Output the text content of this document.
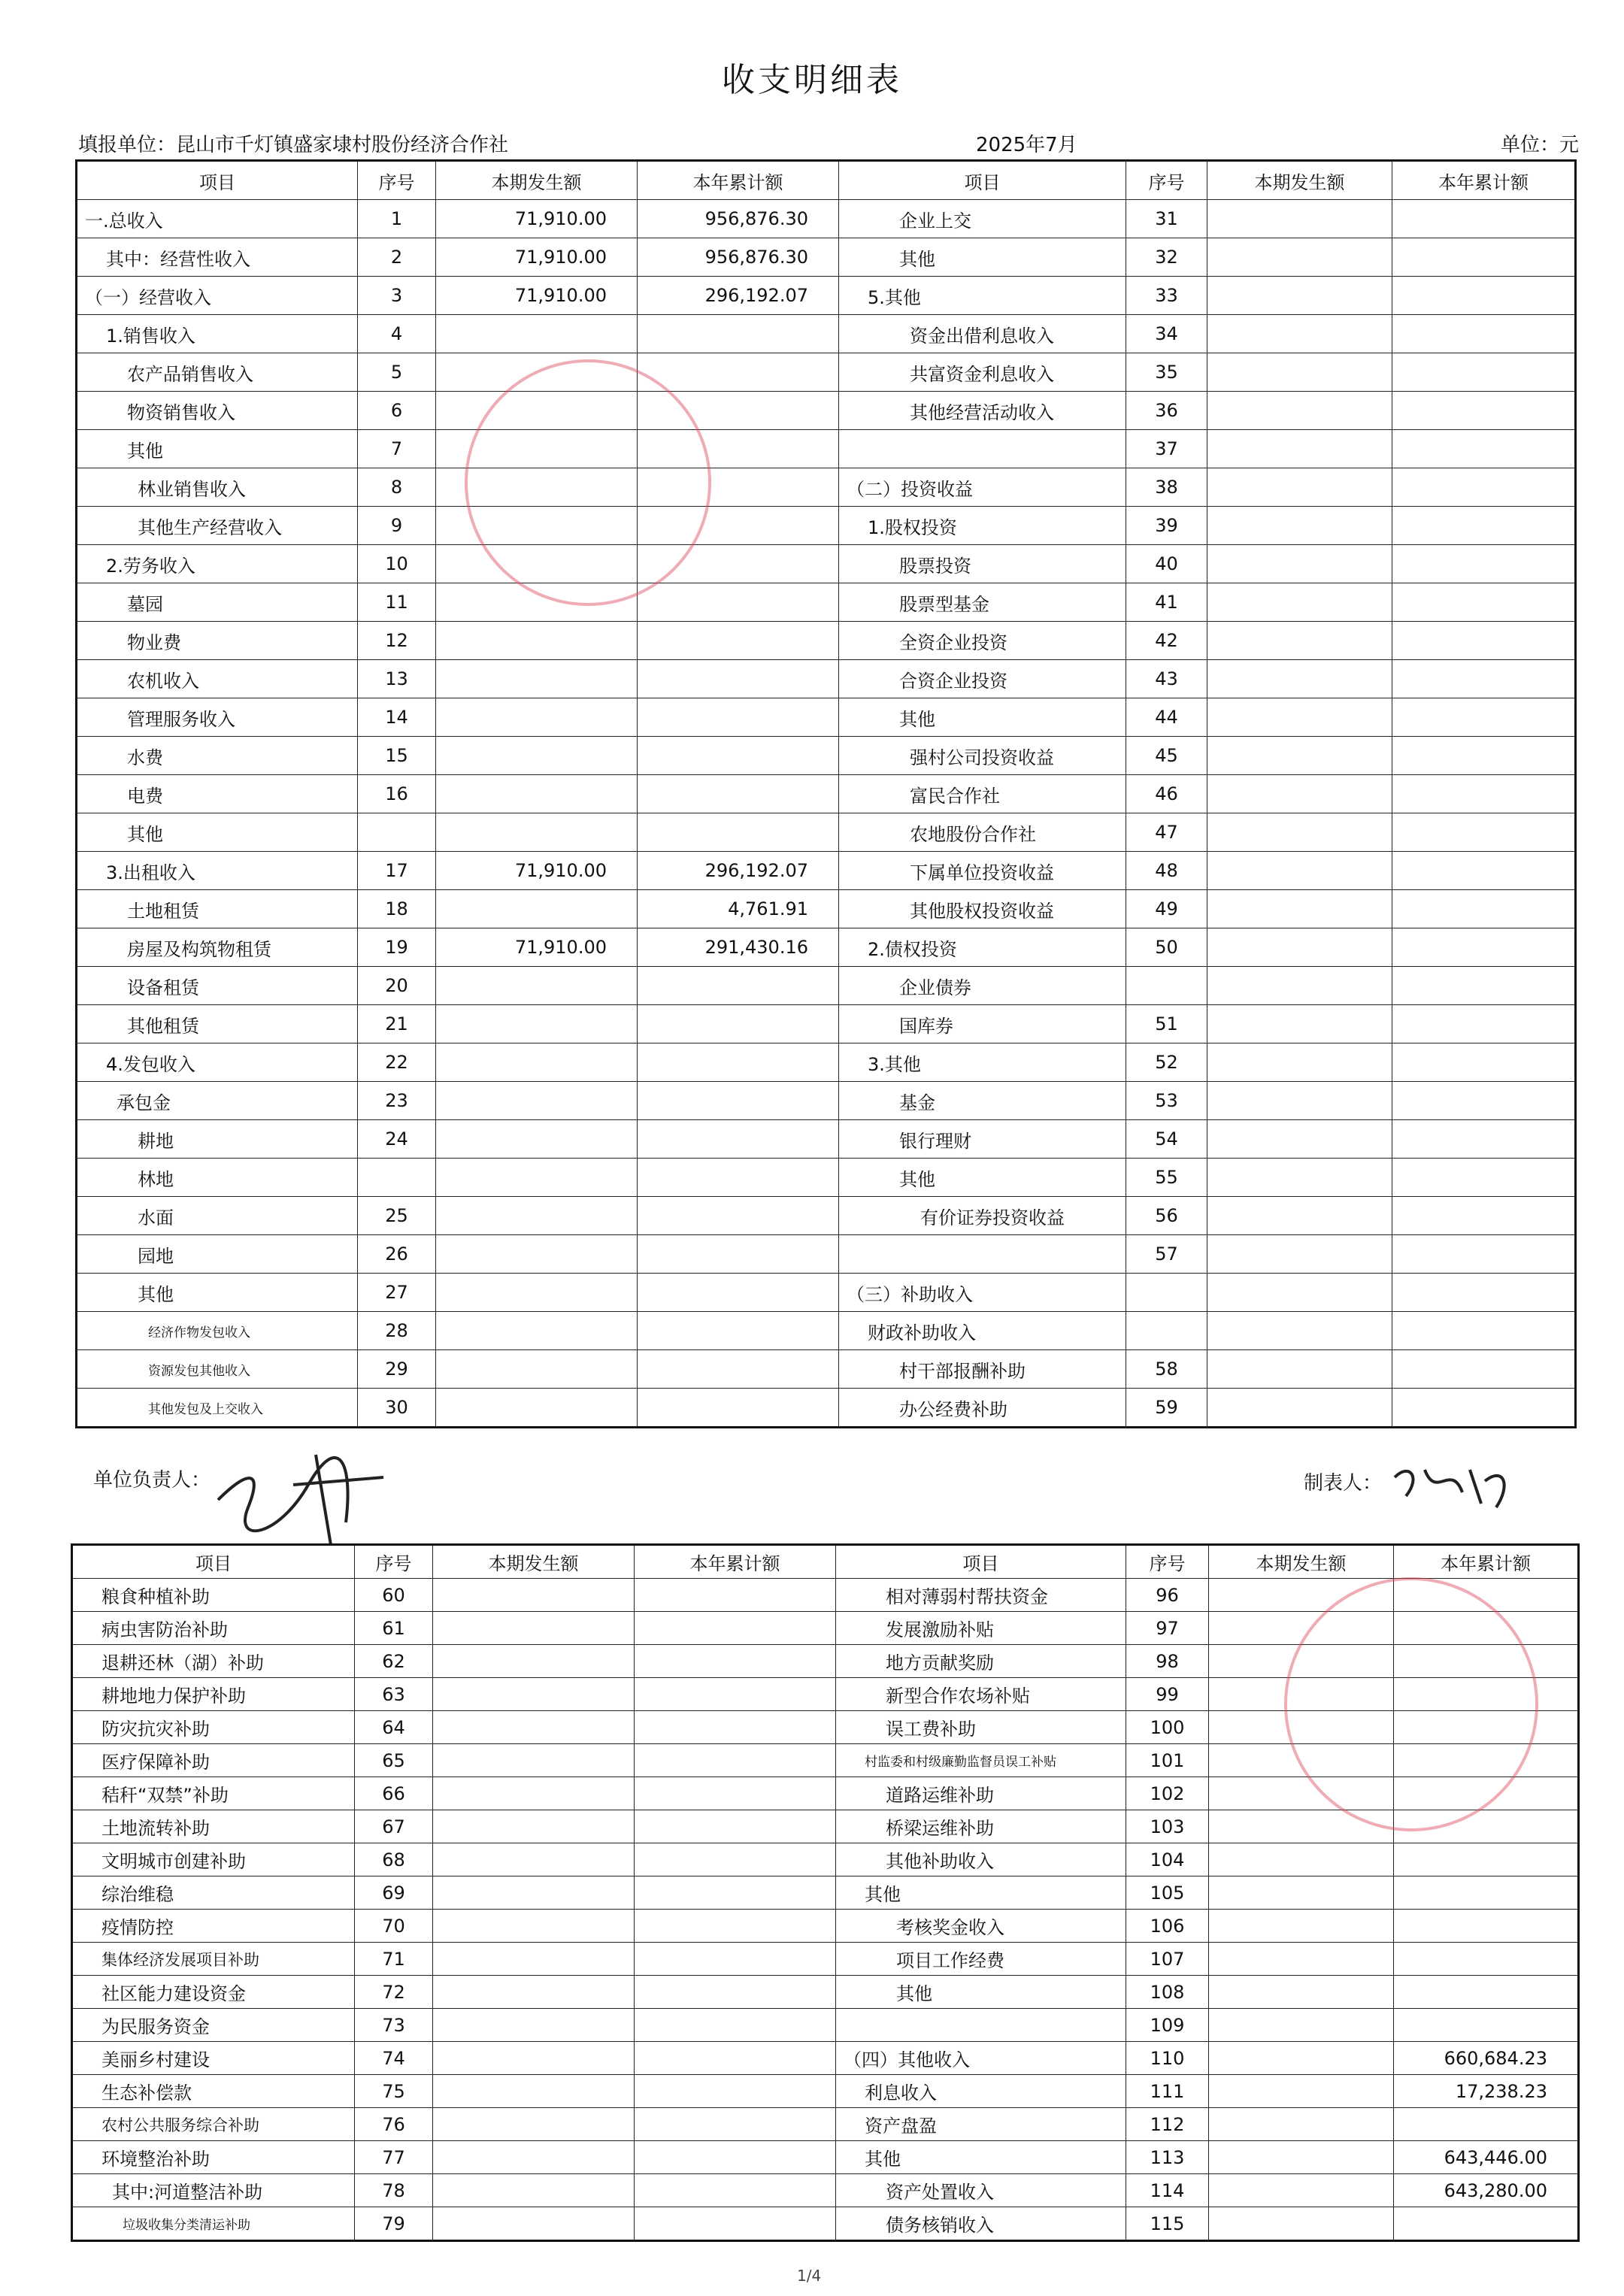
收支明细表
填报单位：昆山市千灯镇盛家埭村股份经济合作社	2025年7月	单位：元
项目	序号	本期发生额	本年累计额	项目	序号	本期发生额	本年累计额
一.总收入	1	71,910.00	956,876.30	企业上交	31		
其中：经营性收入	2	71,910.00	956,876.30	其他	32		
（一）经营收入	3	71,910.00	296,192.07	5.其他	33		
1.销售收入	4			资金出借利息收入	34		
农产品销售收入	5			共富资金利息收入	35		
物资销售收入	6			其他经营活动收入	36		
其他	7				37		
林业销售收入	8			（二）投资收益	38		
其他生产经营收入	9			1.股权投资	39		
2.劳务收入	10			股票投资	40		
墓园	11			股票型基金	41		
物业费	12			全资企业投资	42		
农机收入	13			合资企业投资	43		
管理服务收入	14			其他	44		
水费	15			强村公司投资收益	45		
电费	16			富民合作社	46		
其他				农地股份合作社	47		
3.出租收入	17	71,910.00	296,192.07	下属单位投资收益	48		
土地租赁	18		4,761.91	其他股权投资收益	49		
房屋及构筑物租赁	19	71,910.00	291,430.16	2.债权投资	50		
设备租赁	20			企业债券			
其他租赁	21			国库券	51		
4.发包收入	22			3.其他	52		
承包金	23			基金	53		
耕地	24			银行理财	54		
林地				其他	55		
水面	25			有价证券投资收益	56		
园地	26				57		
其他	27			（三）补助收入			
经济作物发包收入	28			财政补助收入			
资源发包其他收入	29			村干部报酬补助	58		
其他发包及上交收入	30			办公经费补助	59		
单位负责人：	制表人：
项目	序号	本期发生额	本年累计额	项目	序号	本期发生额	本年累计额
粮食种植补助	60			相对薄弱村帮扶资金	96		
病虫害防治补助	61			发展激励补贴	97		
退耕还林（湖）补助	62			地方贡献奖励	98		
耕地地力保护补助	63			新型合作农场补贴	99		
防灾抗灾补助	64			误工费补助	100		
医疗保障补助	65			村监委和村级廉勤监督员误工补贴	101		
秸秆“双禁”补助	66			道路运维补助	102		
土地流转补助	67			桥梁运维补助	103		
文明城市创建补助	68			其他补助收入	104		
综治维稳	69			其他	105		
疫情防控	70			考核奖金收入	106		
集体经济发展项目补助	71			项目工作经费	107		
社区能力建设资金	72			其他	108		
为民服务资金	73				109		
美丽乡村建设	74			（四）其他收入	110		660,684.23
生态补偿款	75			利息收入	111		17,238.23
农村公共服务综合补助	76			资产盘盈	112		
环境整治补助	77			其他	113		643,446.00
其中:河道整洁补助	78			资产处置收入	114		643,280.00
垃圾收集分类清运补助	79			债务核销收入	115		
1/4
